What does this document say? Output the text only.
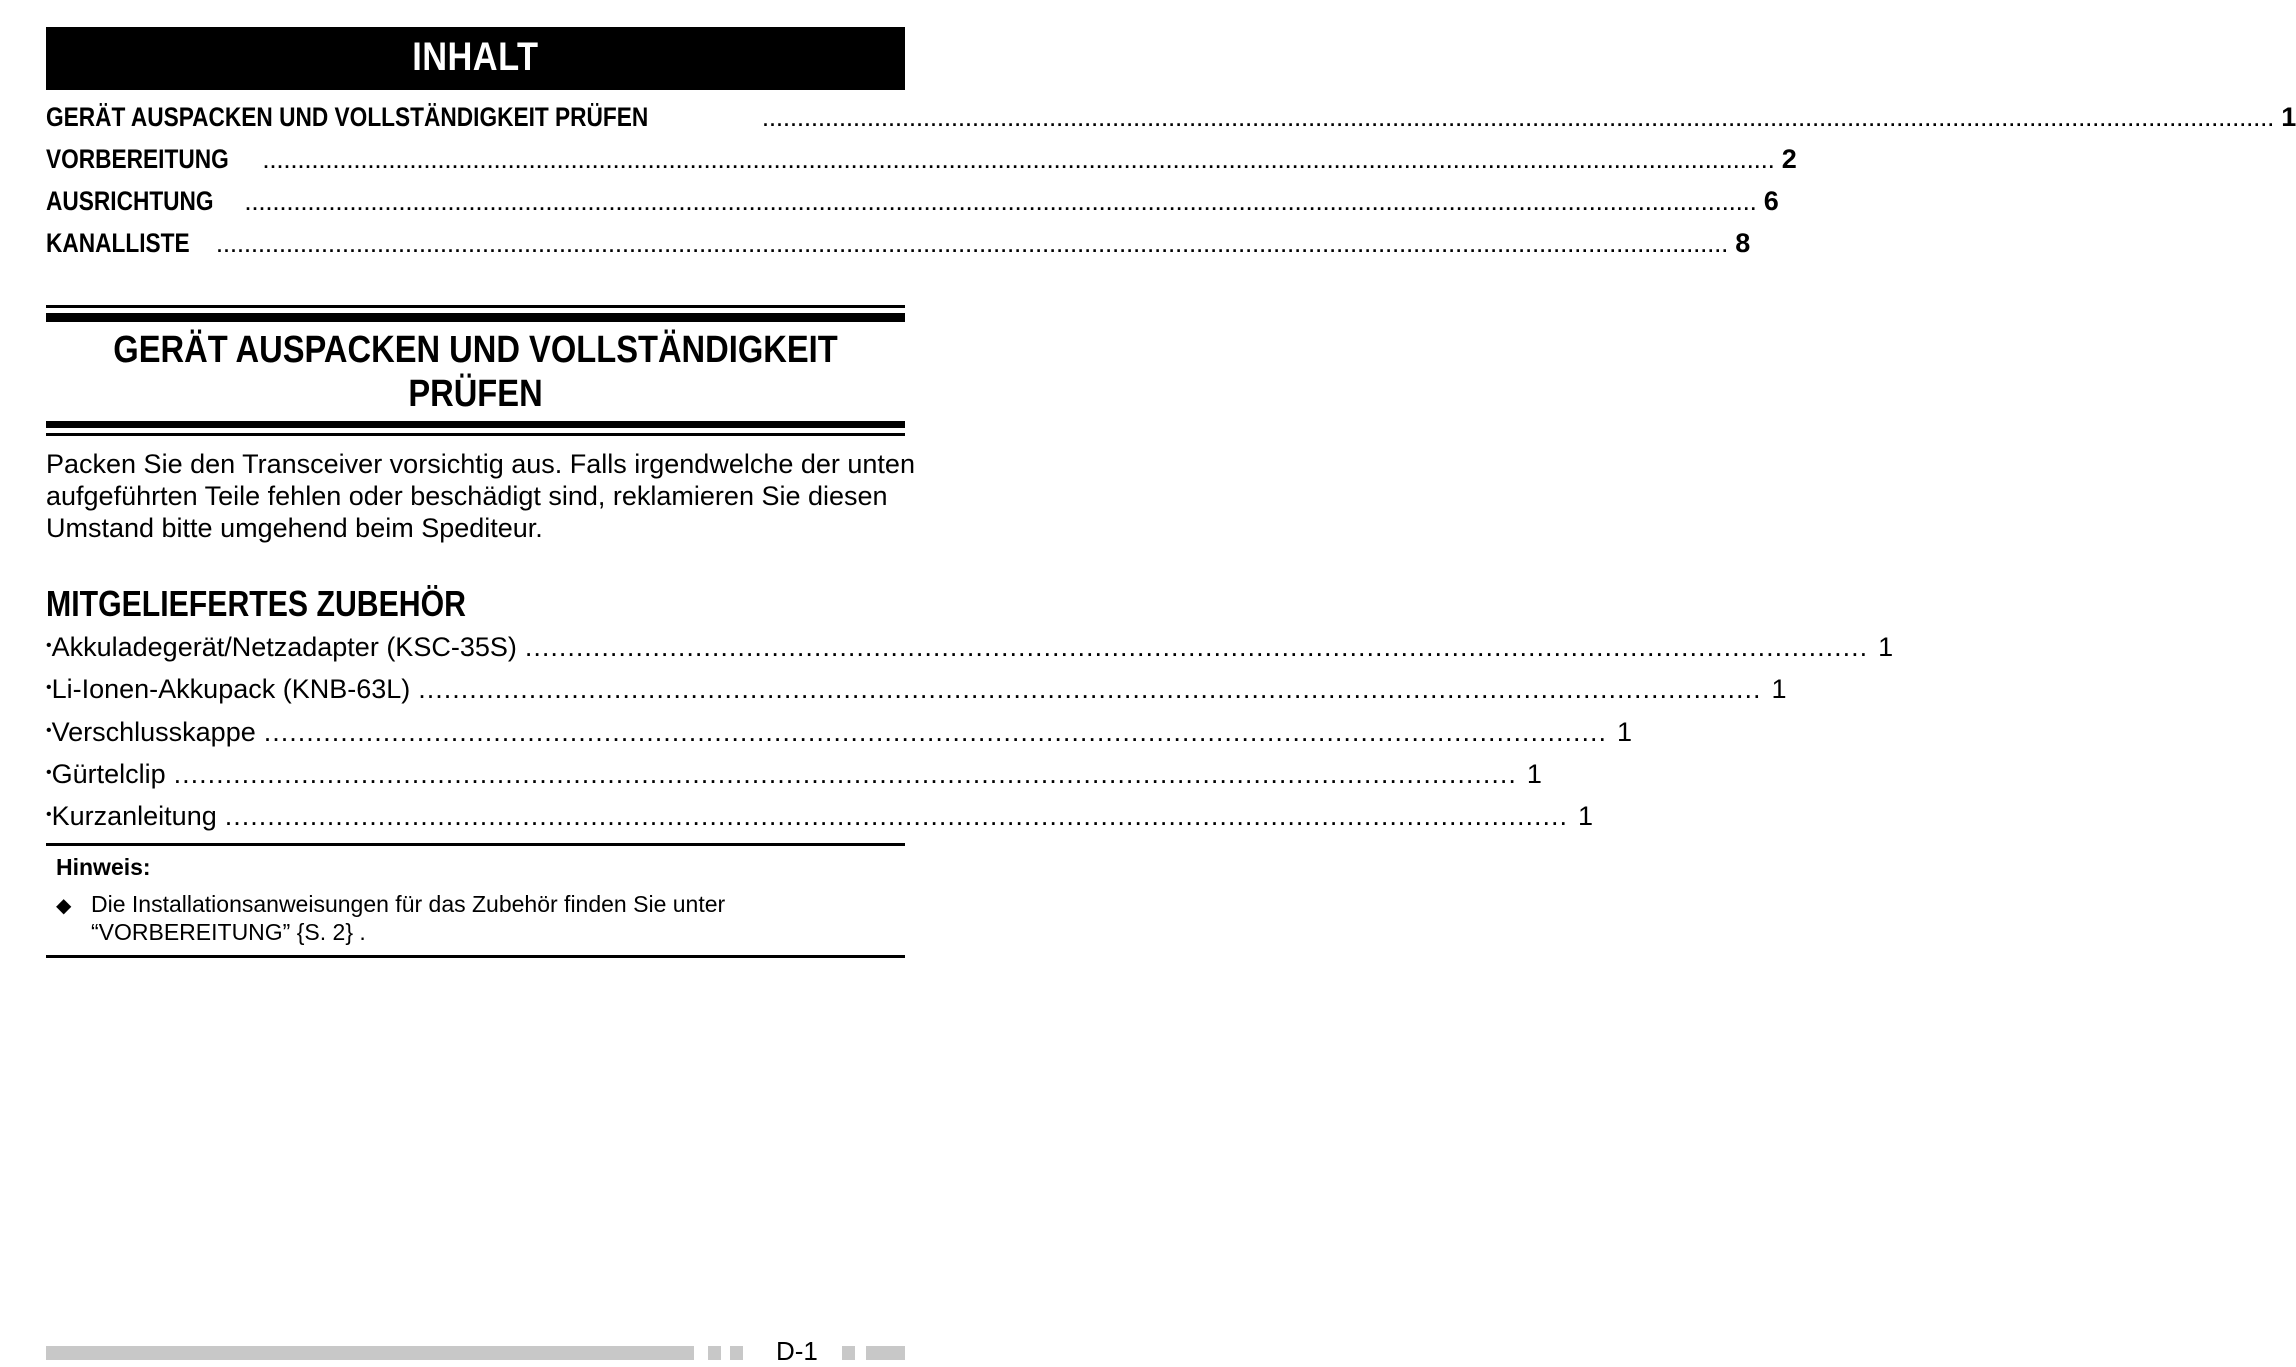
INHALT
GERÄT AUSPACKEN UND VOLLSTÄNDIGKEIT PRÜFEN	........................................................................................................................................................................................................................ 1
VORBEREITUNG ........................................................................................................................................................................................................................ 2
AUSRICHTUNG ........................................................................................................................................................................................................................ 6
KANALLISTE ........................................................................................................................................................................................................................ 8
GERÄT AUSPACKEN UND VOLLSTÄNDIGKEIT
PRÜFEN
Packen Sie den Transceiver vorsichtig aus. Falls irgendwelche der unten aufgeführten Teile fehlen oder beschädigt sind, reklamieren Sie diesen Umstand bitte umgehend beim Spediteur.
MITGELIEFERTES ZUBEHÖR
• Akkuladegerät/Netzadapter (KSC-35S) .............................................................................................................................................................. 1
• Li-Ionen-Akkupack (KNB-63L) .............................................................................................................................................................. 1
• Verschlusskappe .............................................................................................................................................................. 1
• Gürtelclip .............................................................................................................................................................. 1
• Kurzanleitung .............................................................................................................................................................. 1
Hinweis:
◆ Die Installationsanweisungen für das Zubehör finden Sie unter “VORBEREITUNG” {S. 2} .
D-1
